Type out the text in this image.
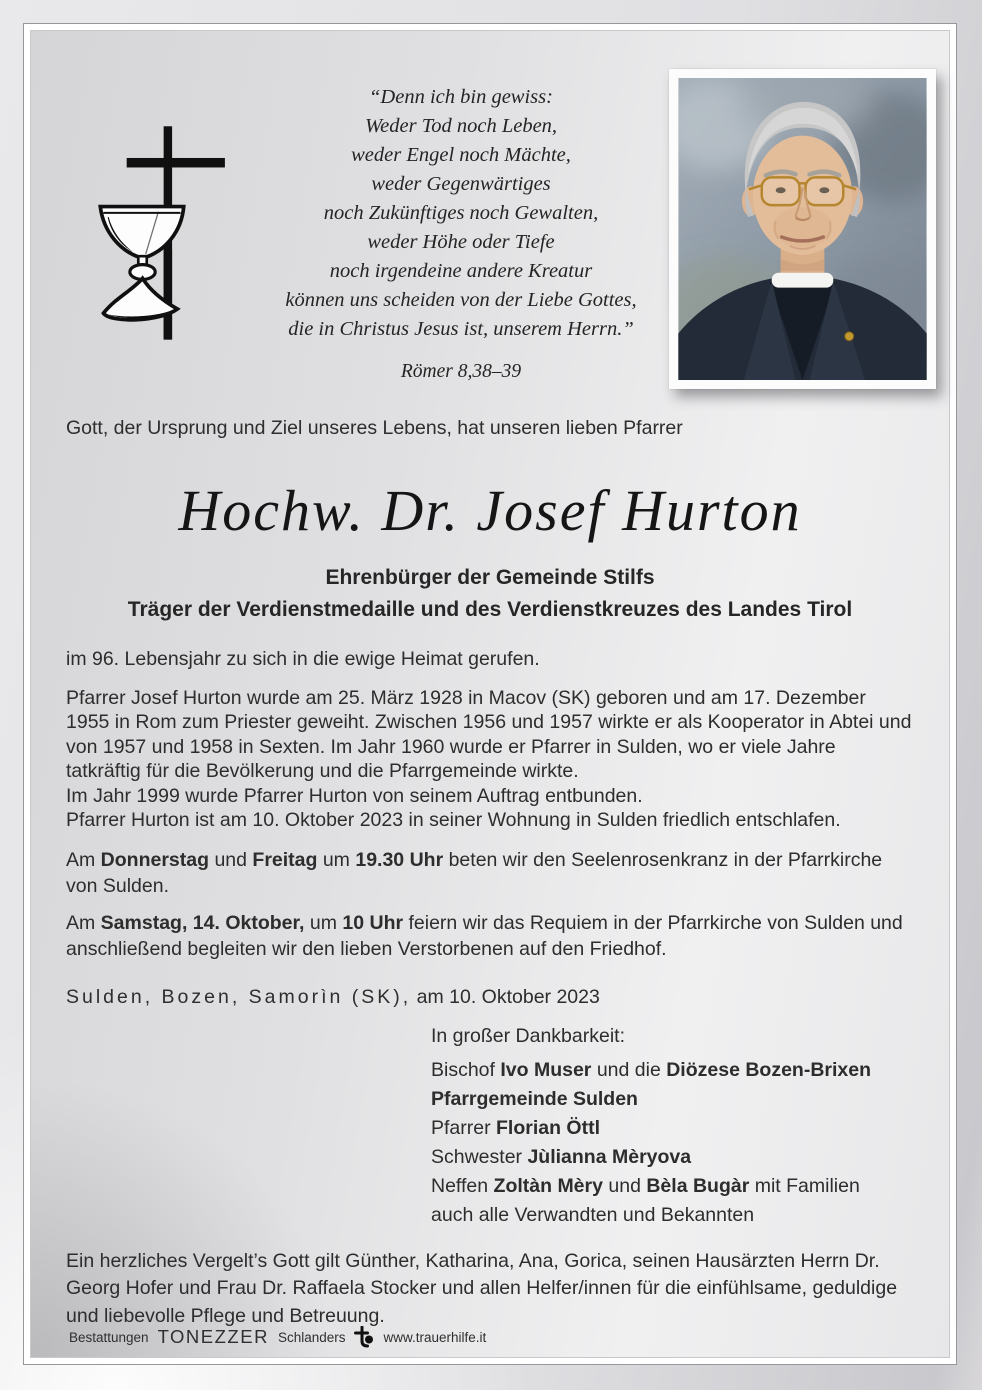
“Denn ich bin gewiss:
Weder Tod noch Leben,
weder Engel noch Mächte,
weder Gegenwärtiges
noch Zukünftiges noch Gewalten,
weder Höhe oder Tiefe
noch irgendeine andere Kreatur
können uns scheiden von der Liebe Gottes,
die in Christus Jesus ist, unserem Herrn.”
Römer 8,38–39

Gott, der Ursprung und Ziel unseres Lebens, hat unseren lieben Pfarrer

Hochw. Dr. Josef Hurton
Ehrenbürger der Gemeinde Stilfs
Träger der Verdienstmedaille und des Verdienstkreuzes des Landes Tirol

im 96. Lebensjahr zu sich in die ewige Heimat gerufen.

Pfarrer Josef Hurton wurde am 25. März 1928 in Macov (SK) geboren und am 17. Dezember 1955 in Rom zum Priester geweiht. Zwischen 1956 und 1957 wirkte er als Kooperator in Abtei und von 1957 und 1958 in Sexten. Im Jahr 1960 wurde er Pfarrer in Sulden, wo er viele Jahre tatkräftig für die Bevölkerung und die Pfarrgemeinde wirkte.
Im Jahr 1999 wurde Pfarrer Hurton von seinem Auftrag entbunden.
Pfarrer Hurton ist am 10. Oktober 2023 in seiner Wohnung in Sulden friedlich entschlafen.

Am Donnerstag und Freitag um 19.30 Uhr beten wir den Seelenrosenkranz in der Pfarrkirche von Sulden.

Am Samstag, 14. Oktober, um 10 Uhr feiern wir das Requiem in der Pfarrkirche von Sulden und anschließend begleiten wir den lieben Verstorbenen auf den Friedhof.

Sulden, Bozen, Samorìn (SK), am 10. Oktober 2023

In großer Dankbarkeit:
Bischof Ivo Muser und die Diözese Bozen-Brixen
Pfarrgemeinde Sulden
Pfarrer Florian Öttl
Schwester Jùlianna Mèryova
Neffen Zoltàn Mèry und Bèla Bugàr mit Familien
auch alle Verwandten und Bekannten

Ein herzliches Vergelt’s Gott gilt Günther, Katharina, Ana, Gorica, seinen Hausärzten Herrn Dr. Georg Hofer und Frau Dr. Raffaela Stocker und allen Helfer/innen für die einfühlsame, geduldige und liebevolle Pflege und Betreuung.

Bestattungen TONEZZER Schlanders	www.trauerhilfe.it
